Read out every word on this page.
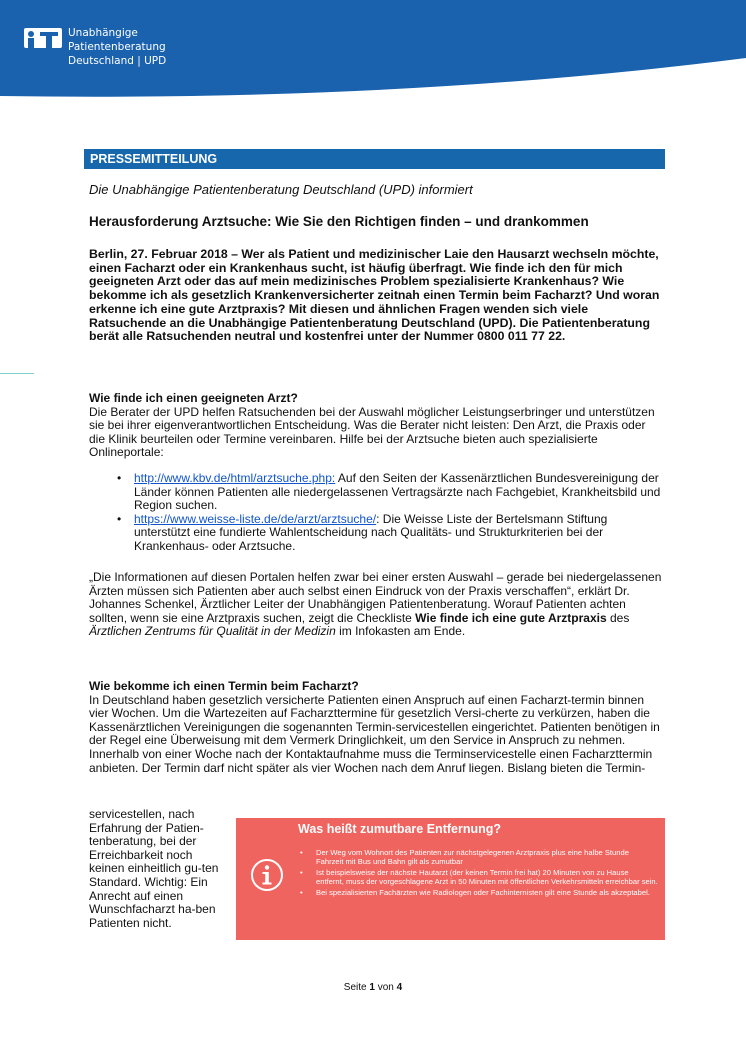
Unabhängige
Patientenberatung
Deutschland | UPD
PRESSEMITTEILUNG
Die Unabhängige Patientenberatung Deutschland (UPD) informiert
Herausforderung Arztsuche: Wie Sie den Richtigen finden – und drankommen
Berlin, 27. Februar 2018 – Wer als Patient und medizinischer Laie den Hausarzt wechseln möchte, einen Facharzt oder ein Krankenhaus sucht, ist häufig überfragt. Wie finde ich den für mich geeigneten Arzt oder das auf mein medizinisches Problem spezialisierte Krankenhaus? Wie bekomme ich als gesetzlich Krankenversicherter zeitnah einen Termin beim Facharzt? Und woran erkenne ich eine gute Arztpraxis? Mit diesen und ähnlichen Fragen wenden sich viele Ratsuchende an die Unabhängige Patientenberatung Deutschland (UPD). Die Patientenberatung berät alle Ratsuchenden neutral und kostenfrei unter der Nummer 0800 011 77 22.
Wie finde ich einen geeigneten Arzt?
Die Berater der UPD helfen Ratsuchenden bei der Auswahl möglicher Leistungserbringer und unterstützen sie bei ihrer eigenverantwortlichen Entscheidung. Was die Berater nicht leisten: Den Arzt, die Praxis oder die Klinik beurteilen oder Termine vereinbaren. Hilfe bei der Arztsuche bieten auch spezialisierte Onlineportale:
• http://www.kbv.de/html/arztsuche.php: Auf den Seiten der Kassenärztlichen Bundesvereinigung der Länder können Patienten alle niedergelassenen Vertragsärzte nach Fachgebiet, Krankheitsbild und Region suchen.
• https://www.weisse-liste.de/de/arzt/arztsuche/: Die Weisse Liste der Bertelsmann Stiftung unterstützt eine fundierte Wahlentscheidung nach Qualitäts- und Strukturkriterien bei der Krankenhaus- oder Arztsuche.
„Die Informationen auf diesen Portalen helfen zwar bei einer ersten Auswahl – gerade bei niedergelassenen Ärzten müssen sich Patienten aber auch selbst einen Eindruck von der Praxis verschaffen“, erklärt Dr. Johannes Schenkel, Ärztlicher Leiter der Unabhängigen Patientenberatung. Worauf Patienten achten sollten, wenn sie eine Arztpraxis suchen, zeigt die Checkliste Wie finde ich eine gute Arztpraxis des Ärztlichen Zentrums für Qualität in der Medizin im Infokasten am Ende.
Wie bekomme ich einen Termin beim Facharzt?
In Deutschland haben gesetzlich versicherte Patienten einen Anspruch auf einen Facharzt-termin binnen vier Wochen. Um die Wartezeiten auf Facharzttermine für gesetzlich Versi-cherte zu verkürzen, haben die Kassenärztlichen Vereinigungen die sogenannten Termin-servicestellen eingerichtet. Patienten benötigen in der Regel eine Überweisung mit dem Vermerk Dringlichkeit, um den Service in Anspruch zu nehmen. Innerhalb von einer Woche nach der Kontaktaufnahme muss die Terminservicestelle einen Facharzttermin anbieten. Der Termin darf nicht später als vier Wochen nach dem Anruf liegen. Bislang bieten die Termin-
servicestellen, nach Erfahrung der Patien-tenberatung, bei der Erreichbarkeit noch keinen einheitlich gu-ten Standard. Wichtig: Ein Anrecht auf einen Wunschfacharzt ha-ben Patienten nicht.
Was heißt zumutbare Entfernung?
• Der Weg vom Wohnort des Patienten zur nächstgelegenen Arztpraxis plus eine halbe Stunde Fahrzeit mit Bus und Bahn gilt als zumutbar
• Ist beispielsweise der nächste Hautarzt (der keinen Termin frei hat) 20 Minuten von zu Hause entfernt, muss der vorgeschlagene Arzt in 50 Minuten mit öffentlichen Verkehrsmitteln erreichbar sein.
• Bei spezialisierten Fachärzten wie Radiologen oder Fachinternisten gilt eine Stunde als akzeptabel.
Seite 1 von 4
